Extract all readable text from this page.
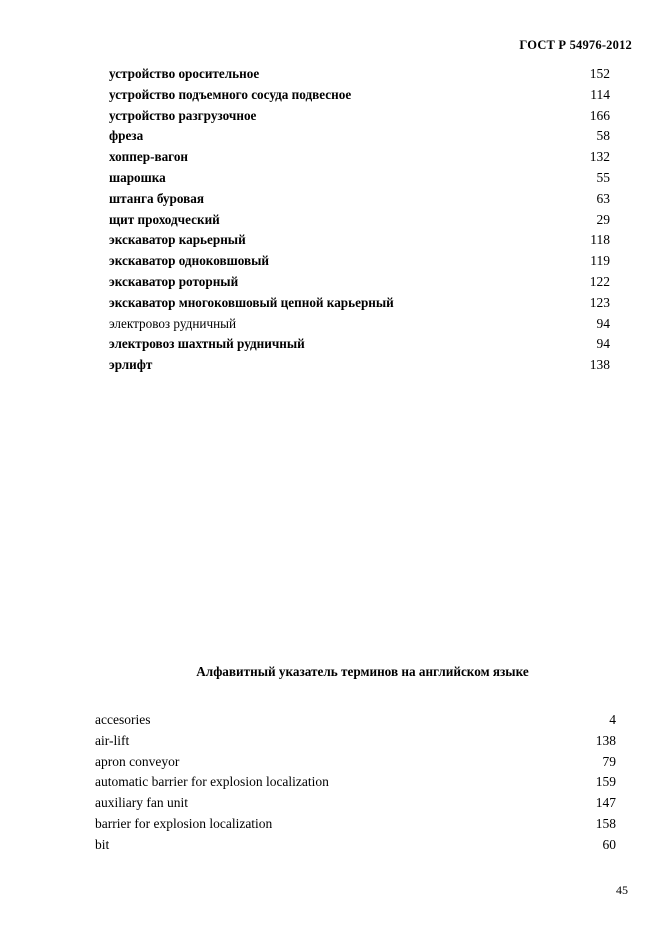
ГОСТ Р 54976-2012
устройство оросительное	152
устройство подъемного сосуда подвесное	114
устройство разгрузочное	166
фреза	58
хоппер-вагон	132
шарошка	55
штанга буровая	63
щит проходческий	29
экскаватор карьерный	118
экскаватор одноковшовый	119
экскаватор роторный	122
экскаватор многоковшовый цепной карьерный	123
электровоз рудничный	94
электровоз шахтный рудничный	94
эрлифт	138
Алфавитный указатель терминов на английском языке
accesories	4
air-lift	138
apron conveyor	79
automatic barrier for explosion localization	159
auxiliary fan unit	147
barrier for explosion localization	158
bit	60
45
